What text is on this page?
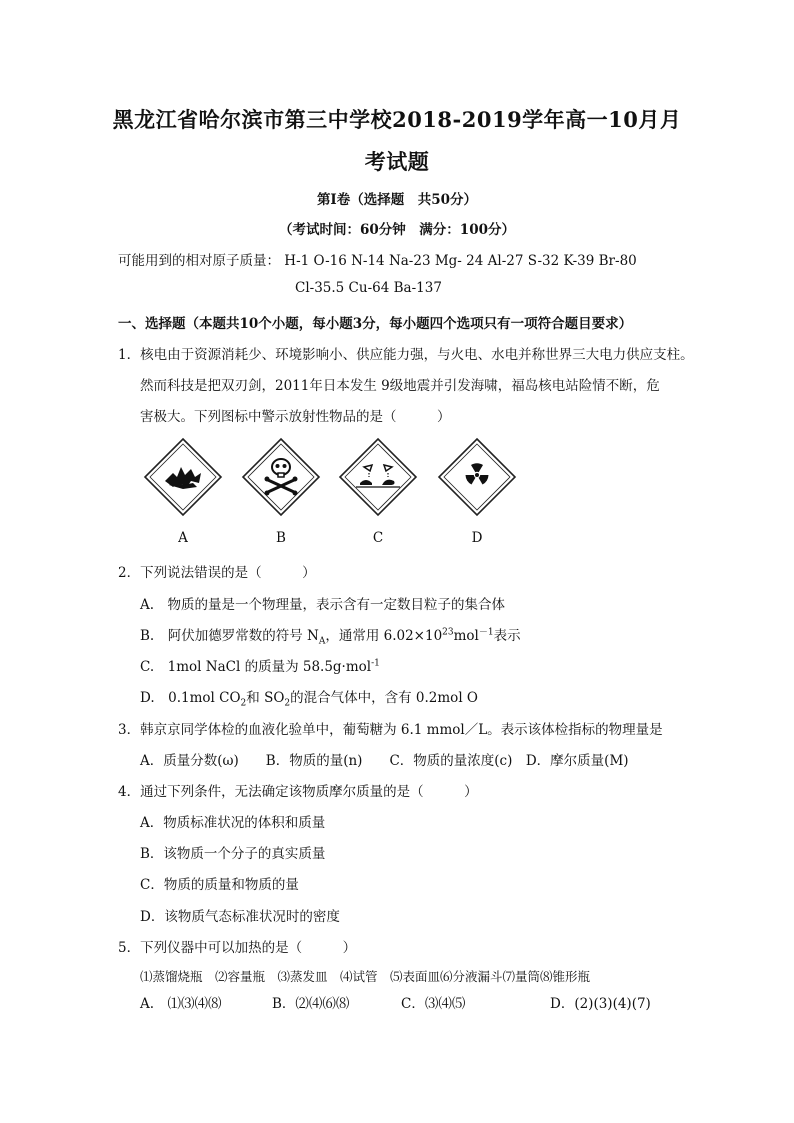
黑龙江省哈尔滨市第三中学校2018-2019学年高一10月月
考试题
第Ⅰ卷（选择题　共50分）
（考试时间：60分钟　满分：100分）
可能用到的相对原子质量： H-1 O-16 N-14 Na-23 Mg- 24 Al-27 S-32 K-39 Br-80
Cl-35.5 Cu-64 Ba-137
一、选择题（本题共10个小题，每小题3分，每小题四个选项只有一项符合题目要求）
1．核电由于资源消耗少、环境影响小、供应能力强，与火电、水电并称世界三大电力供应支柱。
然而科技是把双刃剑，2011年日本发生 9级地震并引发海啸，福岛核电站险情不断，危
害极大。下列图标中警示放射性物品的是（　　　）
A	B	C	D
2．下列说法错误的是（　　　）
A.　物质的量是一个物理量，表示含有一定数目粒子的集合体
B.　阿伏加德罗常数的符号 $N_A$，通常用 $6.02\times 10^{23}mol^{-1}$表示
C.　1mol NaCl 的质量为 58.5g·mol$^{-1}$
D.　0.1mol $CO_2$和 $SO_2$的混合气体中，含有 0.2mol O
3．韩京京同学体检的血液化验单中，葡萄糖为 6.1 mmol／L。表示该体检指标的物理量是
A．质量分数(ω)　　B．物质的量(n)　　C．物质的量浓度(c)　D．摩尔质量(M)
4．通过下列条件，无法确定该物质摩尔质量的是（　　　）
A．物质标准状况的体积和质量
B．该物质一个分子的真实质量
C．物质的质量和物质的量
D．该物质气态标准状况时的密度
5．下列仪器中可以加热的是（　　　）
⑴蒸馏烧瓶　⑵容量瓶　⑶蒸发皿　⑷试管　⑸表面皿⑹分液漏斗⑺量筒⑻锥形瓶
A.　⑴⑶⑷⑻	B．⑵⑷⑹⑻	C．⑶⑷⑸	D．(2)(3)(4)(7)
